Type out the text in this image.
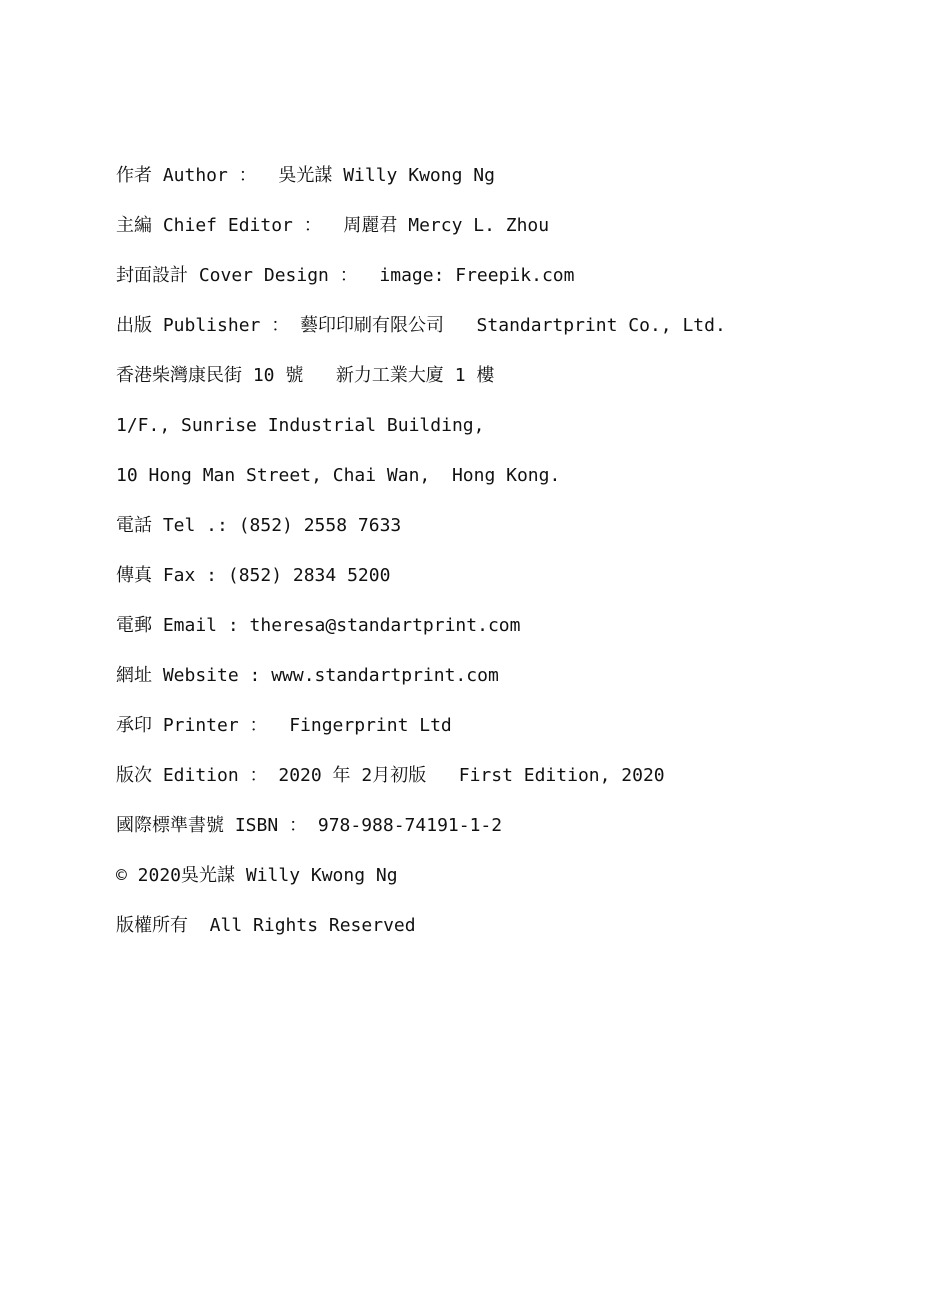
作者 Author ：  吳光謀 Willy Kwong Ng
主編 Chief Editor ：  周麗君 Mercy L. Zhou
封面設計 Cover Design ：  image: Freepik.com
出版 Publisher ： 藝印印刷有限公司   Standartprint Co., Ltd.
香港柴灣康民街 10 號   新力工業大廈 1 樓
1/F., Sunrise Industrial Building,
10 Hong Man Street, Chai Wan,  Hong Kong.
電話 Tel .: (852) 2558 7633
傳真 Fax : (852) 2834 5200
電郵 Email : theresa@standartprint.com
網址 Website : www.standartprint.com
承印 Printer ：  Fingerprint Ltd
版次 Edition ： 2020 年 2月初版   First Edition, 2020
國際標準書號 ISBN ： 978-988-74191-1-2
© 2020吳光謀 Willy Kwong Ng
版權所有  All Rights Reserved
